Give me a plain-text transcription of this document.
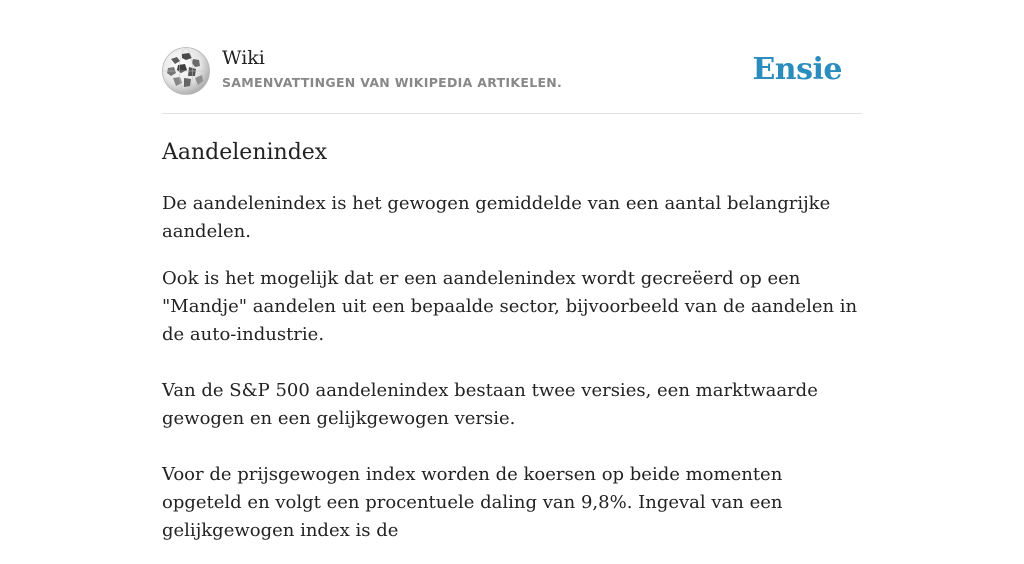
Wiki
SAMENVATTINGEN VAN WIKIPEDIA ARTIKELEN.	Ensie
Aandelenindex

De aandelenindex is het gewogen gemiddelde van een aantal belangrijke aandelen.

Ook is het mogelijk dat er een aandelenindex wordt gecreëerd op een "Mandje" aandelen uit een bepaalde sector, bijvoorbeeld van de aandelen in de auto-industrie.

Van de S&P 500 aandelenindex bestaan twee versies, een marktwaarde gewogen en een gelijkgewogen versie.

Voor de prijsgewogen index worden de koersen op beide momenten opgeteld en volgt een procentuele daling van 9,8%. Ingeval van een gelijkgewogen index is de
